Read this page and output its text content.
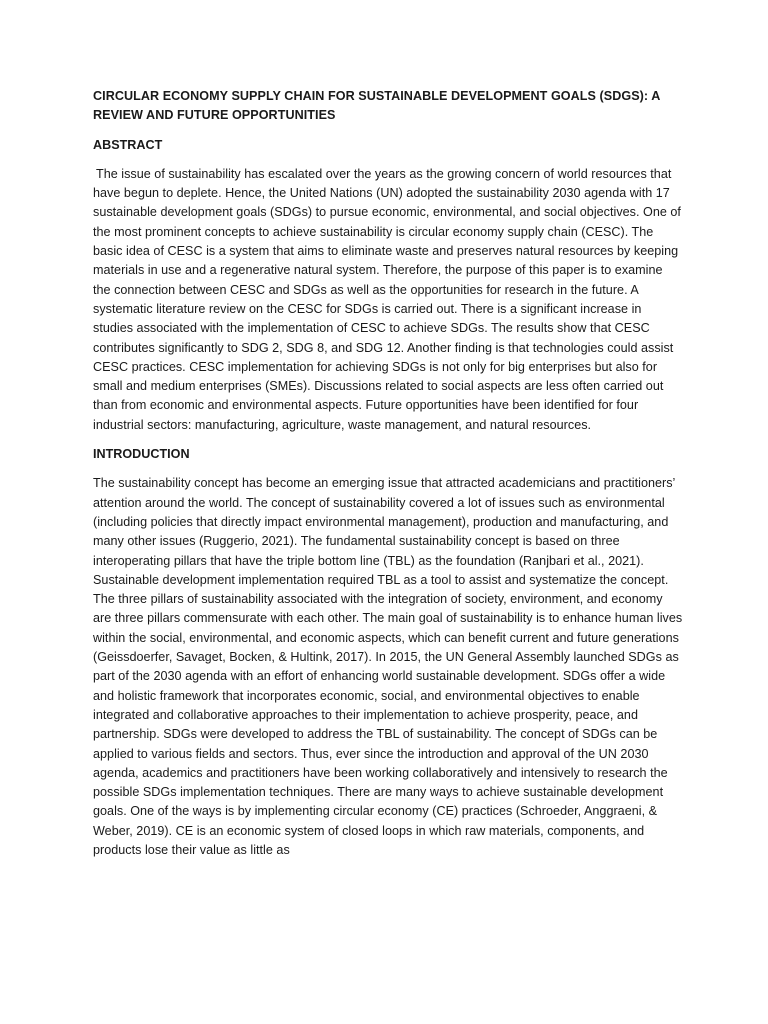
CIRCULAR ECONOMY SUPPLY CHAIN FOR SUSTAINABLE DEVELOPMENT GOALS (SDGS): A REVIEW AND FUTURE OPPORTUNITIES

ABSTRACT

The issue of sustainability has escalated over the years as the growing concern of world resources that have begun to deplete. Hence, the United Nations (UN) adopted the sustainability 2030 agenda with 17 sustainable development goals (SDGs) to pursue economic, environmental, and social objectives. One of the most prominent concepts to achieve sustainability is circular economy supply chain (CESC). The basic idea of CESC is a system that aims to eliminate waste and preserves natural resources by keeping materials in use and a regenerative natural system. Therefore, the purpose of this paper is to examine the connection between CESC and SDGs as well as the opportunities for research in the future. A systematic literature review on the CESC for SDGs is carried out. There is a significant increase in studies associated with the implementation of CESC to achieve SDGs. The results show that CESC contributes significantly to SDG 2, SDG 8, and SDG 12. Another finding is that technologies could assist CESC practices. CESC implementation for achieving SDGs is not only for big enterprises but also for small and medium enterprises (SMEs). Discussions related to social aspects are less often carried out than from economic and environmental aspects. Future opportunities have been identified for four industrial sectors: manufacturing, agriculture, waste management, and natural resources.

INTRODUCTION

The sustainability concept has become an emerging issue that attracted academicians and practitioners’ attention around the world. The concept of sustainability covered a lot of issues such as environmental (including policies that directly impact environmental management), production and manufacturing, and many other issues (Ruggerio, 2021). The fundamental sustainability concept is based on three interoperating pillars that have the triple bottom line (TBL) as the foundation (Ranjbari et al., 2021). Sustainable development implementation required TBL as a tool to assist and systematize the concept. The three pillars of sustainability associated with the integration of society, environment, and economy are three pillars commensurate with each other. The main goal of sustainability is to enhance human lives within the social, environmental, and economic aspects, which can benefit current and future generations (Geissdoerfer, Savaget, Bocken, & Hultink, 2017). In 2015, the UN General Assembly launched SDGs as part of the 2030 agenda with an effort of enhancing world sustainable development. SDGs offer a wide and holistic framework that incorporates economic, social, and environmental objectives to enable integrated and collaborative approaches to their implementation to achieve prosperity, peace, and partnership. SDGs were developed to address the TBL of sustainability. The concept of SDGs can be applied to various fields and sectors. Thus, ever since the introduction and approval of the UN 2030 agenda, academics and practitioners have been working collaboratively and intensively to research the possible SDGs implementation techniques. There are many ways to achieve sustainable development goals. One of the ways is by implementing circular economy (CE) practices (Schroeder, Anggraeni, & Weber, 2019). CE is an economic system of closed loops in which raw materials, components, and products lose their value as little as
